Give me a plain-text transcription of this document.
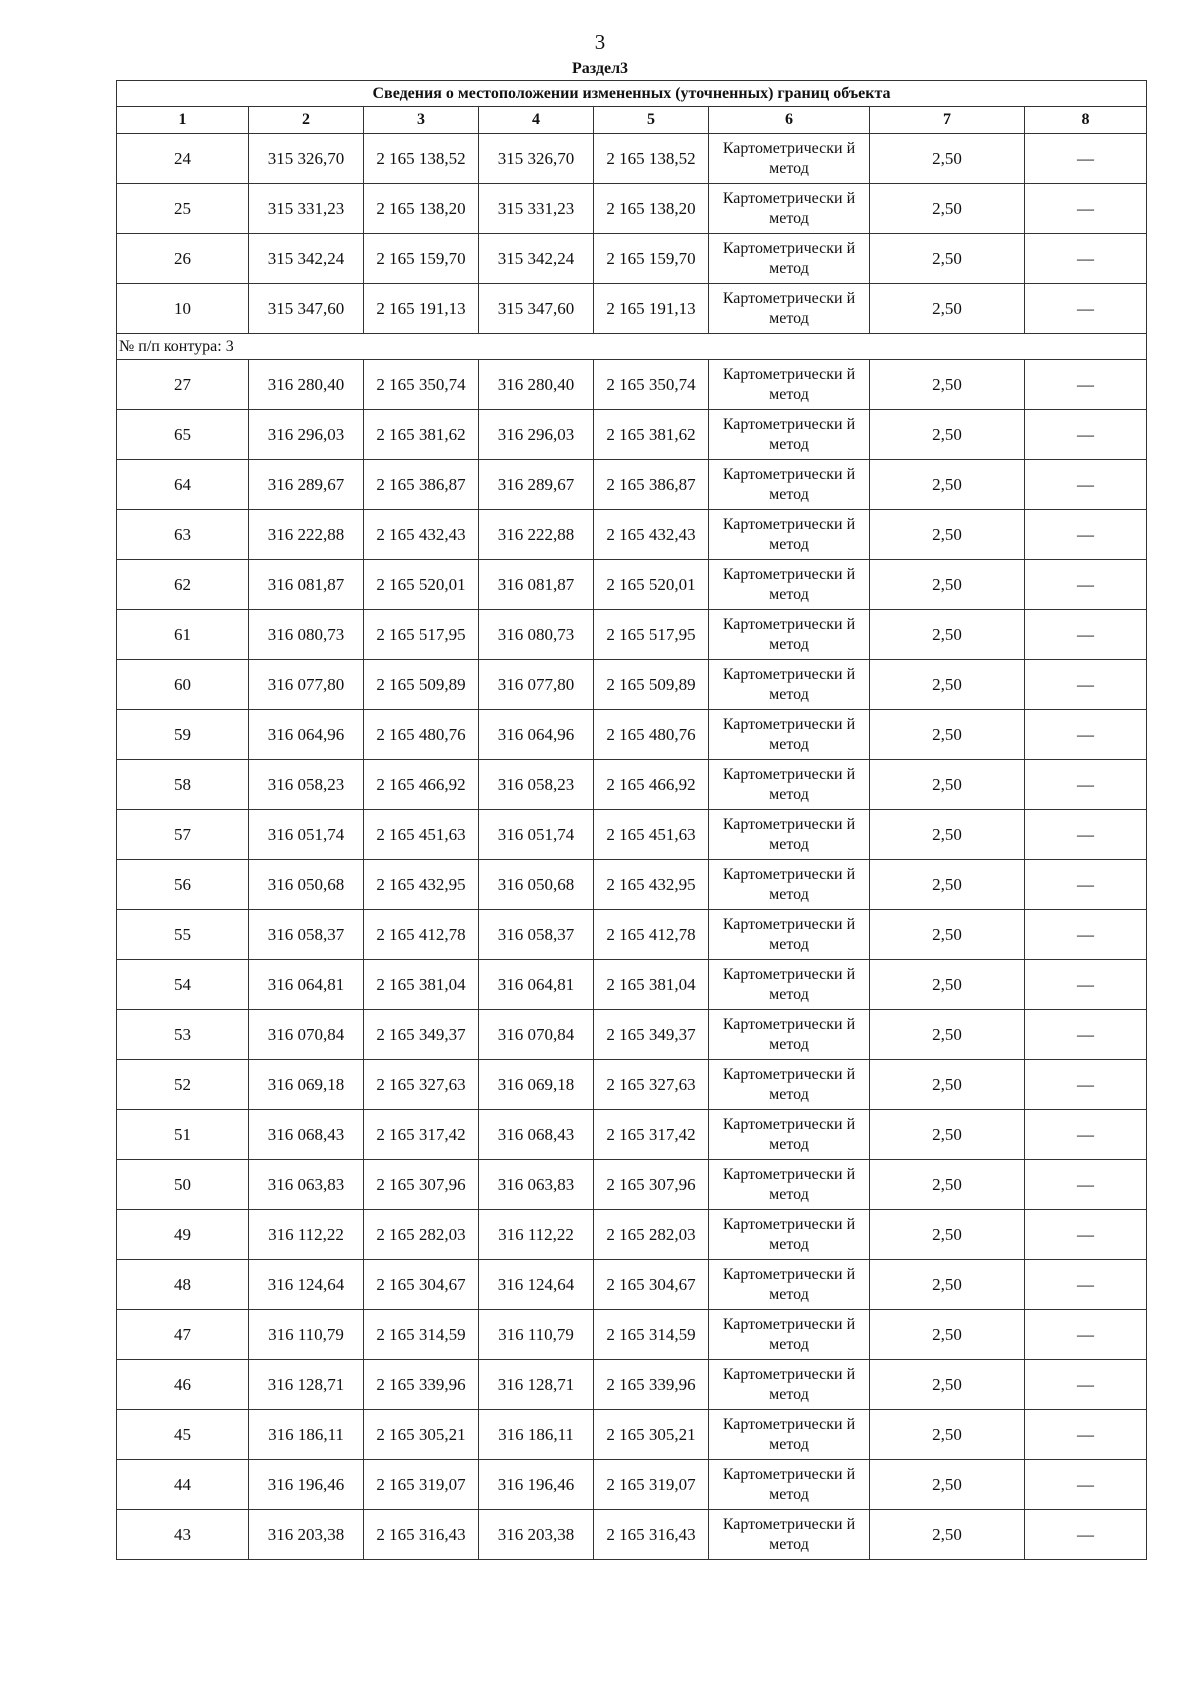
3
Раздел3
Сведения о местоположении измененных (уточненных) границ объекта							
1	2	3	4	5	6	7	8
24	315 326,70	2 165 138,52	315 326,70	2 165 138,52	Картометрически й метод	2,50	—
25	315 331,23	2 165 138,20	315 331,23	2 165 138,20	Картометрически й метод	2,50	—
26	315 342,24	2 165 159,70	315 342,24	2 165 159,70	Картометрически й метод	2,50	—
10	315 347,60	2 165 191,13	315 347,60	2 165 191,13	Картометрически й метод	2,50	—
№ п/п контура: 3							
27	316 280,40	2 165 350,74	316 280,40	2 165 350,74	Картометрически й метод	2,50	—
65	316 296,03	2 165 381,62	316 296,03	2 165 381,62	Картометрически й метод	2,50	—
64	316 289,67	2 165 386,87	316 289,67	2 165 386,87	Картометрически й метод	2,50	—
63	316 222,88	2 165 432,43	316 222,88	2 165 432,43	Картометрически й метод	2,50	—
62	316 081,87	2 165 520,01	316 081,87	2 165 520,01	Картометрически й метод	2,50	—
61	316 080,73	2 165 517,95	316 080,73	2 165 517,95	Картометрически й метод	2,50	—
60	316 077,80	2 165 509,89	316 077,80	2 165 509,89	Картометрически й метод	2,50	—
59	316 064,96	2 165 480,76	316 064,96	2 165 480,76	Картометрически й метод	2,50	—
58	316 058,23	2 165 466,92	316 058,23	2 165 466,92	Картометрически й метод	2,50	—
57	316 051,74	2 165 451,63	316 051,74	2 165 451,63	Картометрически й метод	2,50	—
56	316 050,68	2 165 432,95	316 050,68	2 165 432,95	Картометрически й метод	2,50	—
55	316 058,37	2 165 412,78	316 058,37	2 165 412,78	Картометрически й метод	2,50	—
54	316 064,81	2 165 381,04	316 064,81	2 165 381,04	Картометрически й метод	2,50	—
53	316 070,84	2 165 349,37	316 070,84	2 165 349,37	Картометрически й метод	2,50	—
52	316 069,18	2 165 327,63	316 069,18	2 165 327,63	Картометрически й метод	2,50	—
51	316 068,43	2 165 317,42	316 068,43	2 165 317,42	Картометрически й метод	2,50	—
50	316 063,83	2 165 307,96	316 063,83	2 165 307,96	Картометрически й метод	2,50	—
49	316 112,22	2 165 282,03	316 112,22	2 165 282,03	Картометрически й метод	2,50	—
48	316 124,64	2 165 304,67	316 124,64	2 165 304,67	Картометрически й метод	2,50	—
47	316 110,79	2 165 314,59	316 110,79	2 165 314,59	Картометрически й метод	2,50	—
46	316 128,71	2 165 339,96	316 128,71	2 165 339,96	Картометрически й метод	2,50	—
45	316 186,11	2 165 305,21	316 186,11	2 165 305,21	Картометрически й метод	2,50	—
44	316 196,46	2 165 319,07	316 196,46	2 165 319,07	Картометрически й метод	2,50	—
43	316 203,38	2 165 316,43	316 203,38	2 165 316,43	Картометрически й метод	2,50	—
